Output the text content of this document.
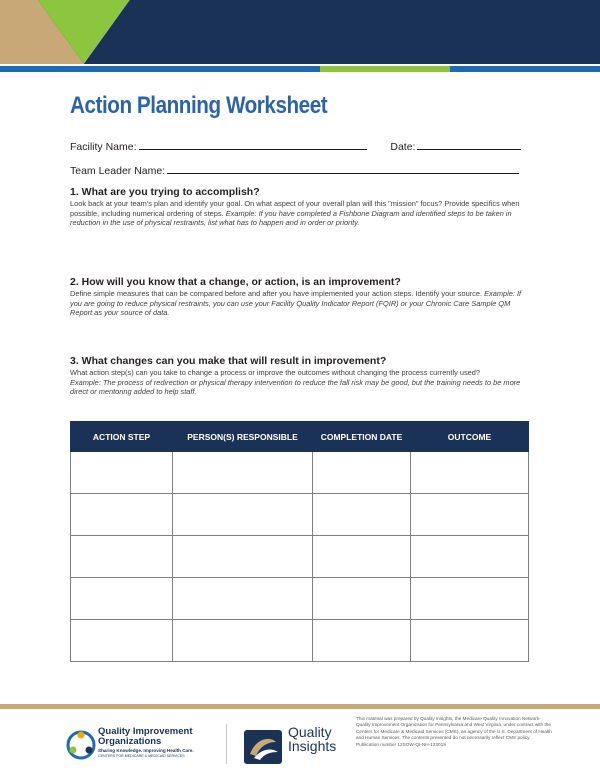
Action Planning Worksheet
Facility Name:	Date:
Team Leader Name:
1. What are you trying to accomplish?

Look back at your team's plan and identify your goal. On what aspect of your overall plan will this "mission" focus? Provide specifics when possible, including numerical ordering of steps. Example: If you have completed a Fishbone Diagram and identified steps to be taken in reduction in the use of physical restraints, list what has to happen and in order or priority.

2. How will you know that a change, or action, is an improvement?

Define simple measures that can be compared before and after you have implemented your action steps. Identify your source. Example: If you are going to reduce physical restraints, you can use your Facility Quality Indicator Report (FQIR) or your Chronic Care Sample QM Report as your source of data.

3. What changes can you make that will result in improvement?

What action step(s) can you take to change a process or improve the outcomes without changing the process currently used?
Example: The process of redirection or physical therapy intervention to reduce the fall risk may be good, but the training needs to be more direct or mentoring added to help staff.

ACTION STEP	PERSON(S) RESPONSIBLE	COMPLETION DATE	OUTCOME

Quality Improvement Organizations
Sharing Knowledge. Improving Health Care.
CENTERS FOR MEDICARE & MEDICAID SERVICES
Quality
Insights
This material was prepared by Quality Insights, the Medicare Quality Innovation Network-Quality Improvement Organization for Pennsylvania and West Virginia, under contract with the Centers for Medicare & Medicaid Services (CMS), an agency of the U.S. Department of Health and Human Services. The contents presented do not necessarily reflect CMS policy. Publication number 12SOW-QI-NH-123019
